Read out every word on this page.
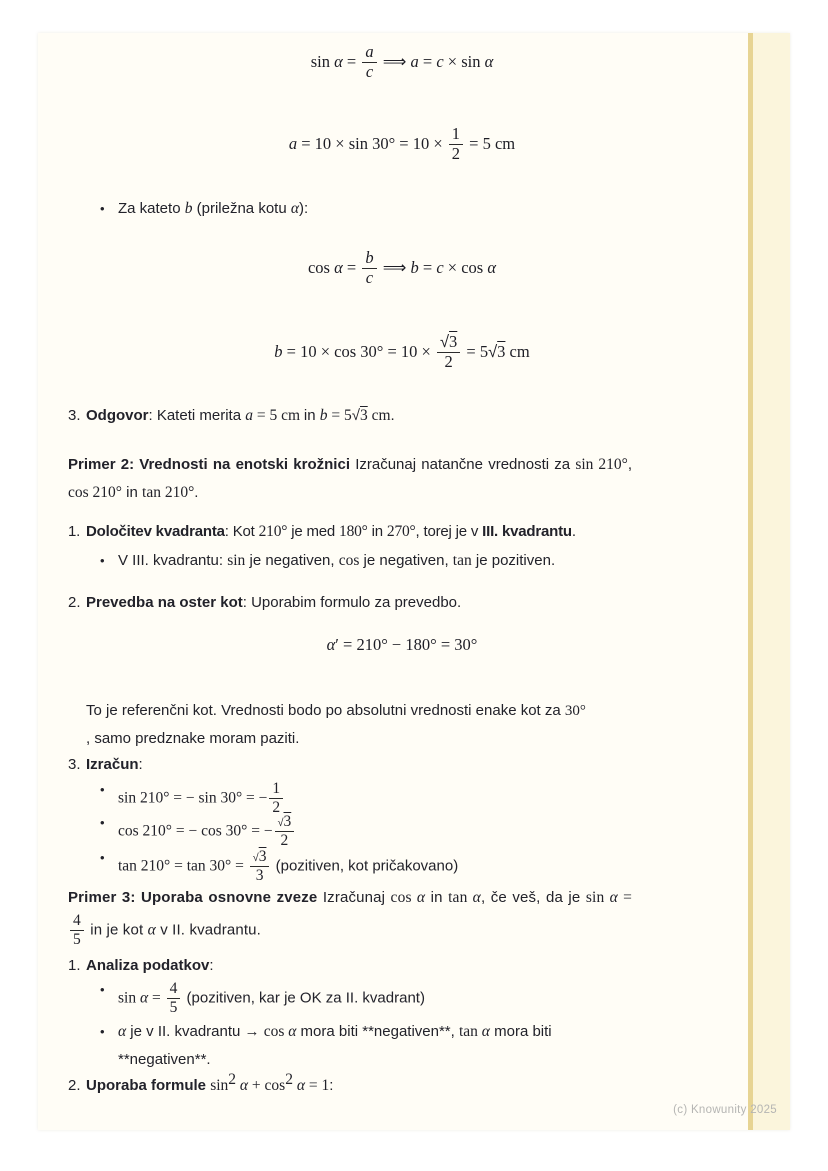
$\sin \alpha = \frac{a}{c}$ ⟹ a = c × sin α
$a = 10 \times \sin 30^\circ = 10 \times \frac{1}{2} = 5$ cm
• Za kateto b (priležna kotu α):
$\cos \alpha = \frac{b}{c}$ ⟹ b = c × cos α
$b = 10 \times \cos 30^\circ = 10 \times \frac{√3}{2} = 5√3$ cm
3. Odgovor: Kateti merita a = 5 cm in b = 5√3 cm.
Primer 2: Vrednosti na enotski krožnici Izračunaj natančne vrednosti za sin 210°, cos 210° in tan 210°.
1. Določitev kvadranta: Kot 210° je med 180° in 270°, torej je v III. kvadrantu.
• V III. kvadrantu: sin je negativen, cos je negativen, tan je pozitiven.
2. Prevedba na oster kot: Uporabim formulo za prevedbo.
α′ = 210° − 180° = 30°
To je referenčni kot. Vrednosti bodo po absolutni vrednosti enake kot za 30°
, samo predznake moram paziti.
3. Izračun:
• sin 210° = − sin 30° = − $\frac{1}{2}$
• cos 210° = − cos 30° = − $\frac{√3}{2}$
• $\tan 210^\circ = \tan 30^\circ = \frac{√3}{3}$ (pozitiven, kot pričakovano)
Primer 3: Uporaba osnovne zveze Izračunaj cos α in tan α, če veš, da je sin α =
$\frac{4}{5}$ in je kot α v II. kvadrantu.
1. Analiza podatkov:
• $\sin \alpha = \frac{4}{5}$ (pozitiven, kar je OK za II. kvadrant)
• α je v II. kvadrantu → cos α mora biti **negativen**, tan α mora biti
**negativen**.
2. Uporaba formule $\sin^2 \alpha + \cos^2 \alpha = 1$:
(c) Knowunity 2025
